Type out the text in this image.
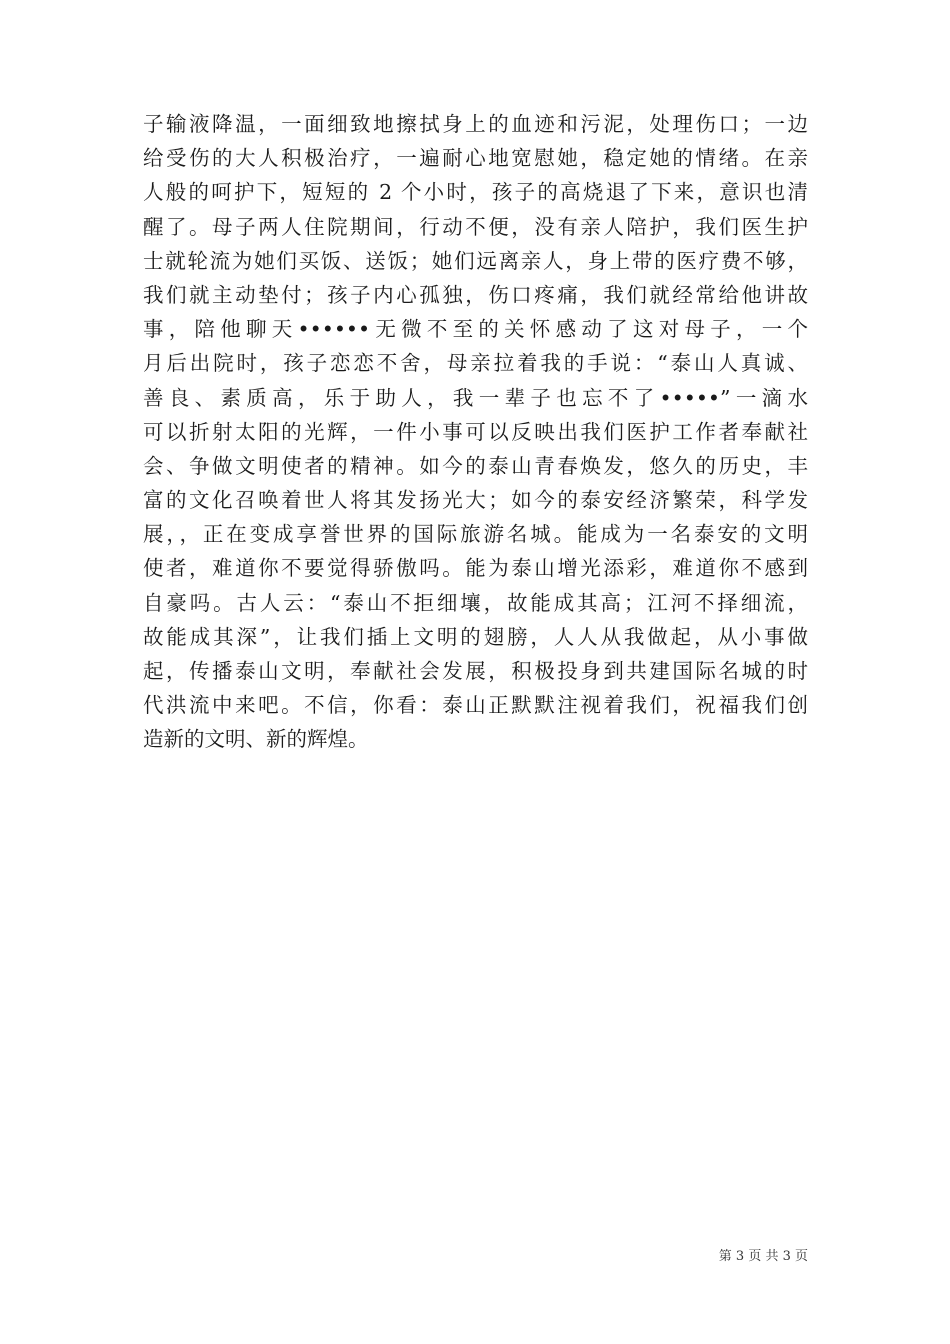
子输液降温，一面细致地擦拭身上的血迹和污泥，处理伤口；一边
给受伤的大人积极治疗，一遍耐心地宽慰她，稳定她的情绪。在亲
人般的呵护下，短短的 2 个小时，孩子的高烧退了下来，意识也清
醒了。母子两人住院期间，行动不便，没有亲人陪护，我们医生护
士就轮流为她们买饭、送饭；她们远离亲人，身上带的医疗费不够，
我们就主动垫付；孩子内心孤独，伤口疼痛，我们就经常给他讲故
事，陪他聊天••••••无微不至的关怀感动了这对母子，一个
月后出院时，孩子恋恋不舍，母亲拉着我的手说：“泰山人真诚、
善良、素质高，乐于助人，我一辈子也忘不了•••••”一滴水
可以折射太阳的光辉，一件小事可以反映出我们医护工作者奉献社
会、争做文明使者的精神。如今的泰山青春焕发，悠久的历史，丰
富的文化召唤着世人将其发扬光大；如今的泰安经济繁荣，科学发
展，，正在变成享誉世界的国际旅游名城。能成为一名泰安的文明
使者，难道你不要觉得骄傲吗。能为泰山增光添彩，难道你不感到
自豪吗。古人云：“泰山不拒细壤，故能成其高；江河不择细流，
故能成其深”，让我们插上文明的翅膀，人人从我做起，从小事做
起，传播泰山文明，奉献社会发展，积极投身到共建国际名城的时
代洪流中来吧。不信，你看：泰山正默默注视着我们，祝福我们创
造新的文明、新的辉煌。
第 3 页 共 3 页
